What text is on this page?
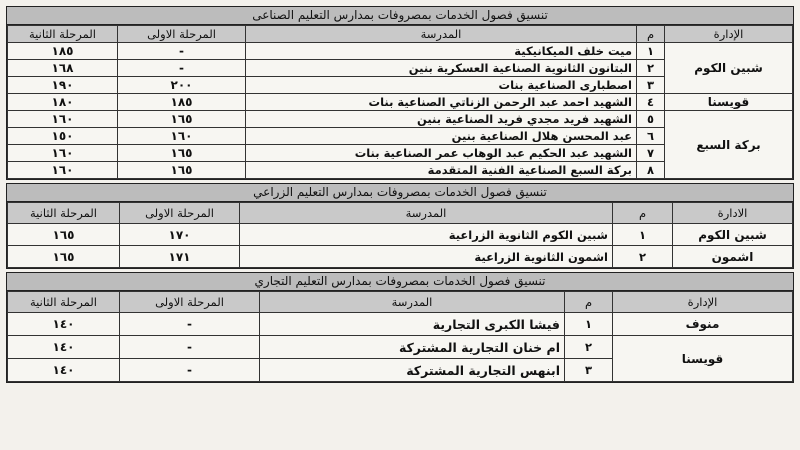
تنسيق فصول الخدمات بمصروفات بمدارس التعليم الصناعى
الإدارة	م	المدرسة	المرحلة الاولى	المرحلة الثانية
شبين الكوم	١	ميت خلف الميكانيكية	-	١٨٥
	٢	البتانون الثانوية الصناعية العسكرية بنين	-	١٦٨
	٣	اصطبارى الصناعية بنات	٢٠٠	١٩٠
قويسنا	٤	الشهيد احمد عبد الرحمن الزناتي الصناعية بنات	١٨٥	١٨٠
بركة السبع	٥	الشهيد فريد مجدي فريد الصناعية بنين	١٦٥	١٦٠
	٦	عبد المحسن هلال الصناعية بنين	١٦٠	١٥٠
	٧	الشهيد عبد الحكيم عبد الوهاب عمر الصناعية بنات	١٦٥	١٦٠
	٨	بركة السبع الصناعية الفنية المتقدمة	١٦٥	١٦٠
تنسيق فصول الخدمات بمصروفات بمدارس التعليم الزراعي
الادارة	م	المدرسة	المرحلة الاولى	المرحلة الثانية
شبين الكوم	١	شبين الكوم الثانوية الزراعية	١٧٠	١٦٥
اشمون	٢	اشمون الثانوية الزراعية	١٧١	١٦٥
تنسيق فصول الخدمات بمصروفات بمدارس التعليم التجاري
الإدارة	م	المدرسة	المرحلة الاولى	المرحلة الثانية
منوف	١	فيشا الكبرى التجارية	-	١٤٠
قويسنا	٢	ام خنان التجارية المشتركة	-	١٤٠
	٣	ابنهس التجارية المشتركة	-	١٤٠
